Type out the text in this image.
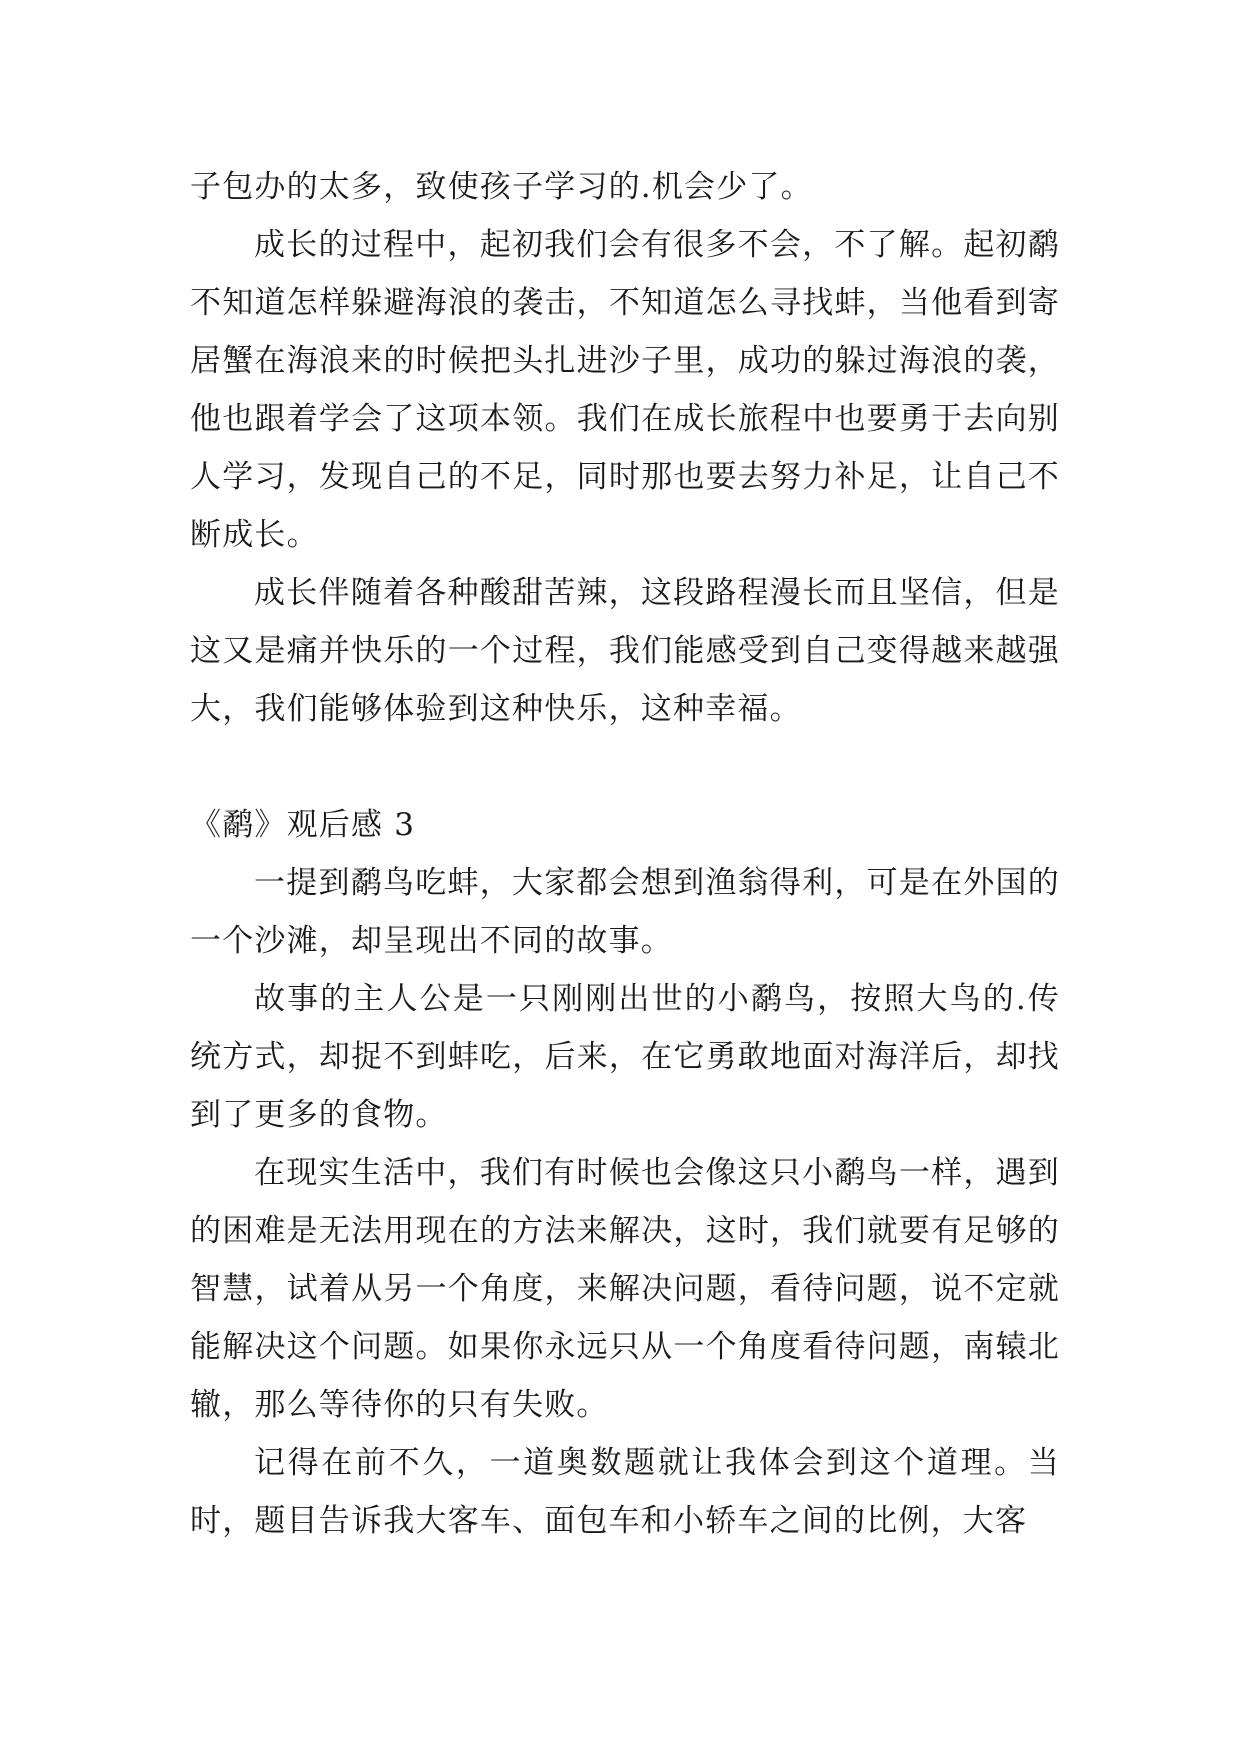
子包办的太多，致使孩子学习的.机会少了。

成长的过程中，起初我们会有很多不会，不了解。起初鹬不知道怎样躲避海浪的袭击，不知道怎么寻找蚌，当他看到寄居蟹在海浪来的时候把头扎进沙子里，成功的躲过海浪的袭，他也跟着学会了这项本领。我们在成长旅程中也要勇于去向别人学习，发现自己的不足，同时那也要去努力补足，让自己不断成长。

成长伴随着各种酸甜苦辣，这段路程漫长而且坚信，但是这又是痛并快乐的一个过程，我们能感受到自己变得越来越强大，我们能够体验到这种快乐，这种幸福。

《鹬》观后感 3

一提到鹬鸟吃蚌，大家都会想到渔翁得利，可是在外国的一个沙滩，却呈现出不同的故事。

故事的主人公是一只刚刚出世的小鹬鸟，按照大鸟的.传统方式，却捉不到蚌吃，后来，在它勇敢地面对海洋后，却找到了更多的食物。

在现实生活中，我们有时候也会像这只小鹬鸟一样，遇到的困难是无法用现在的方法来解决，这时，我们就要有足够的智慧，试着从另一个角度，来解决问题，看待问题，说不定就能解决这个问题。如果你永远只从一个角度看待问题，南辕北辙，那么等待你的只有失败。

记得在前不久，一道奥数题就让我体会到这个道理。当时，题目告诉我大客车、面包车和小轿车之间的比例，大客
